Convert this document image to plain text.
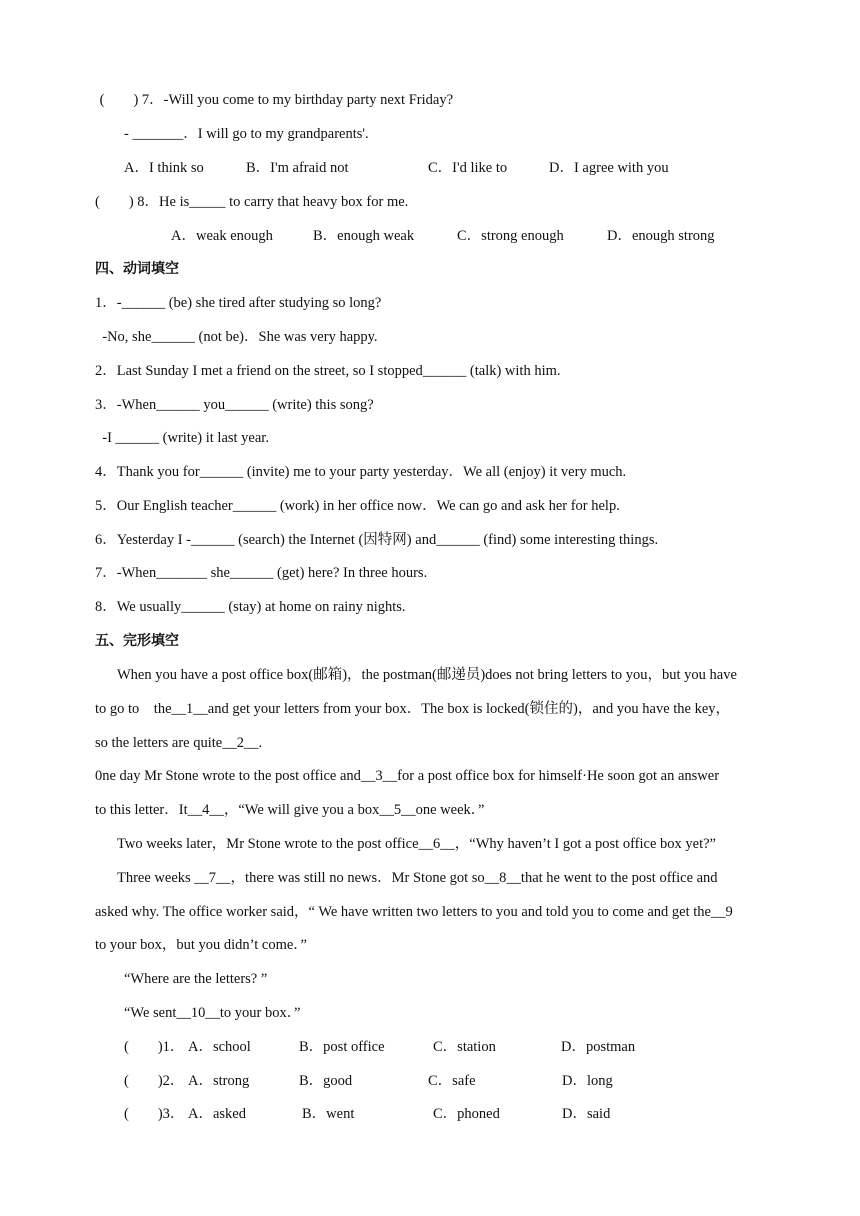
(　　) 7．-Will you come to my birthday party next Friday?
- _______．I will go to my grandparents'.
A．I think so	B．I'm afraid not	C．I'd like to	D．I agree with you
(　　) 8．He is_____ to carry that heavy box for me.
A．weak enough	B．enough weak	C．strong enough	D．enough strong
四、动词填空
1．-______ (be) she tired after studying so long?
-No, she______ (not be)．She was very happy.
2．Last Sunday I met a friend on the street, so I stopped______ (talk) with him.
3．-When______ you______ (write) this song?
-I ______ (write) it last year.
4．Thank you for______ (invite) me to your party yesterday．We all (enjoy) it very much.
5．Our English teacher______ (work) in her office now．We can go and ask her for help.
6．Yesterday I -______ (search) the Internet (因特网) and______ (find) some interesting things.
7．-When_______ she______ (get) here? In three hours.
8．We usually______ (stay) at home on rainy nights.
五、完形填空
When you have a post office box(邮箱)，the postman(邮递员)does not bring letters to you，but you have
to go to　the__1__and get your letters from your box．The box is locked(锁住的)，and you have the key，
so the letters are quite__2__.
0ne day Mr Stone wrote to the post office and__3__for a post office box for himself·He soon got an answer
to this letter．It__4__，“We will give you a box__5__one week．”
Two weeks later，Mr Stone wrote to the post office__6__，“Why haven’t I got a post office box yet?”
Three weeks __7__，there was still no news．Mr Stone got so__8__that he went to the post office and
asked why. The office worker said，“ We have written two letters to you and told you to come and get the__9
to your box，but you didn’t come．”
“Where are the letters? ”
“We sent__10__to your box．”
(　　)1． A．school	B．post office	C．station	D．postman
(　　)2． A．strong	B．good	C．safe	D．long
(　　)3． A．asked	B．went	C．phoned	D．said
